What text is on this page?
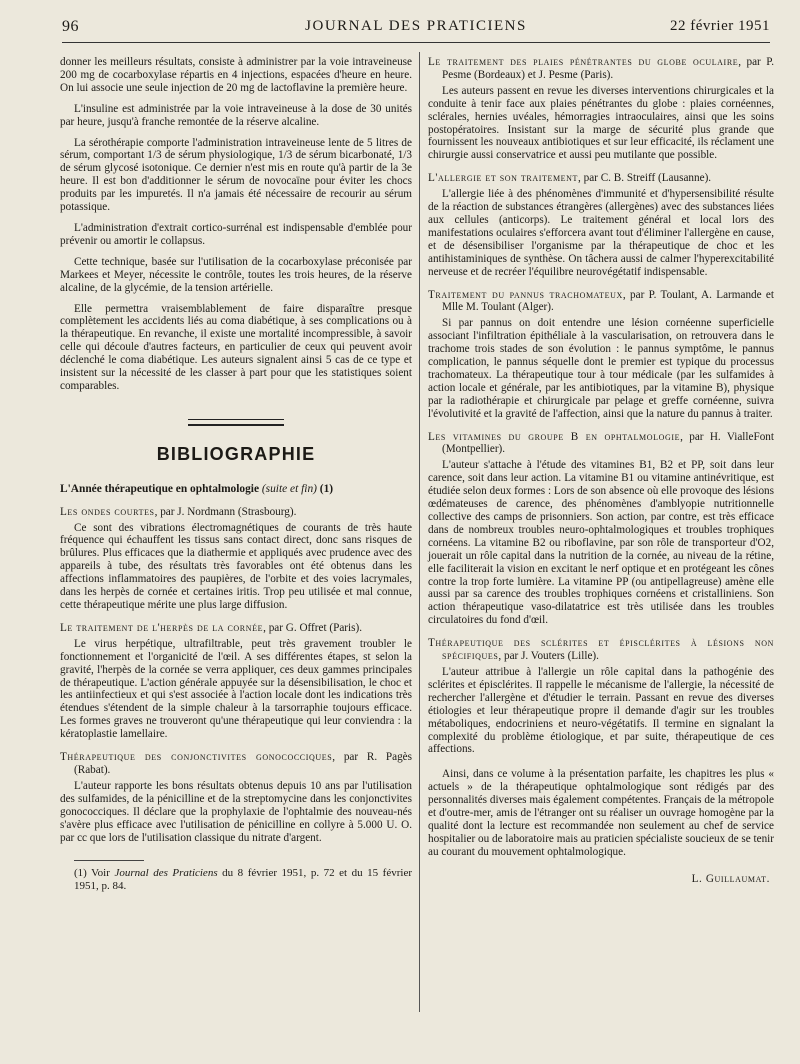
96	JOURNAL DES PRATICIENS	22 février 1951

donner les meilleurs résultats, consiste à administrer par la voie intraveineuse 200 mg de cocarboxylase répartis en 4 injections, espacées d'heure en heure. On lui associe une seule injection de 20 mg de lactoflavine la première heure.

L'insuline est administrée par la voie intraveineuse à la dose de 30 unités par heure, jusqu'à franche remontée de la réserve alcaline.

La sérothérapie comporte l'administration intraveineuse lente de 5 litres de sérum, comportant 1/3 de sérum physiologique, 1/3 de sérum bicarbonaté, 1/3 de sérum glycosé isotonique. Ce dernier n'est mis en route qu'à partir de la 3e heure. Il est bon d'additionner le sérum de novocaïne pour éviter les chocs produits par les impuretés. Il n'a jamais été nécessaire de recourir au sérum potassique.

L'administration d'extrait cortico-surrénal est indispensable d'emblée pour prévenir ou amortir le collapsus.

Cette technique, basée sur l'utilisation de la cocarboxylase préconisée par Markees et Meyer, nécessite le contrôle, toutes les trois heures, de la réserve alcaline, de la glycémie, de la tension artérielle.

Elle permettra vraisemblablement de faire disparaître presque complètement les accidents liés au coma diabétique, à ses complications ou à la thérapeutique. En revanche, il existe une mortalité incompressible, à savoir celle qui découle d'autres facteurs, en particulier de ceux qui peuvent avoir déclenché le coma diabétique. Les auteurs signalent ainsi 5 cas de ce type et insistent sur la nécessité de les classer à part pour que les statistiques soient comparables.

BIBLIOGRAPHIE

L'Année thérapeutique en ophtalmologie (suite et fin) (1)

Les ondes courtes, par J. Nordmann (Strasbourg).

Ce sont des vibrations électromagnétiques de courants de très haute fréquence qui échauffent les tissus sans contact direct, donc sans risques de brûlures. Plus efficaces que la diathermie et appliqués avec prudence avec des appareils à tube, des résultats très favorables ont été obtenus dans les affections inflammatoires des paupières, de l'orbite et des voies lacrymales, dans les herpès de cornée et certaines iritis. Trop peu utilisée et mal connue, cette thérapeutique mérite une plus large diffusion.

Le traitement de l'herpès de la cornée, par G. Offret (Paris).

Le virus herpétique, ultrafiltrable, peut très gravement troubler le fonctionnement et l'organicité de l'œil. A ses différentes étapes, st selon la gravité, l'herpès de la cornée se verra appliquer, ces deux gammes principales de thérapeutique. L'action générale appuyée sur la désensibilisation, le choc et les antiinfectieux et qui s'est associée à l'action locale dont les indications très étendues s'étendent de la simple chaleur à la tarsorraphie toujours efficace. Les formes graves ne trouveront qu'une thérapeutique qui leur conviendra : la kératoplastie lamellaire.

Thérapeutique des conjonctivites gonococciques, par R. Pagès (Rabat).

L'auteur rapporte les bons résultats obtenus depuis 10 ans par l'utilisation des sulfamides, de la pénicilline et de la streptomycine dans les conjonctivites gonococciques. Il déclare que la prophylaxie de l'ophtalmie des nouveau-nés s'avère plus efficace avec l'utilisation de pénicilline en collyre à 5.000 U. O. par cc que lors de l'utilisation classique du nitrate d'argent.

(1) Voir Journal des Praticiens du 8 février 1951, p. 72 et du 15 février 1951, p. 84.

Le traitement des plaies pénétrantes du globe oculaire, par P. Pesme (Bordeaux) et J. Pesme (Paris).

Les auteurs passent en revue les diverses interventions chirurgicales et la conduite à tenir face aux plaies pénétrantes du globe : plaies cornéennes, sclérales, hernies uvéales, hémorragies intraoculaires, ainsi que les soins postopératoires. Insistant sur la marge de sécurité plus grande que fournissent les nouveaux antibiotiques et sur leur efficacité, ils réclament une chirurgie aussi conservatrice et aussi peu mutilante que possible.

L'allergie et son traitement, par C. B. Streiff (Lausanne).

L'allergie liée à des phénomènes d'immunité et d'hypersensibilité résulte de la réaction de substances étrangères (allergènes) avec des substances liées aux cellules (anticorps). Le traitement général et local lors des manifestations oculaires s'efforcera avant tout d'éliminer l'allergène en cause, et de désensibiliser l'organisme par la thérapeutique de choc et les antihistaminiques de synthèse. On tâchera aussi de calmer l'hyperexcitabilité nerveuse et de recréer l'équilibre neurovégétatif indispensable.

Traitement du pannus trachomateux, par P. Toulant, A. Larmande et Mlle M. Toulant (Alger).

Si par pannus on doit entendre une lésion cornéenne superficielle associant l'infiltration épithéliale à la vascularisation, on retrouvera dans le trachome trois stades de son évolution : le pannus symptôme, le pannus complication, le pannus séquelle dont le premier est typique du processus trachomateux. La thérapeutique tour à tour médicale (par les sulfamides à action locale et générale, par les antibiotiques, par la vitamine B), physique par la radiothérapie et chirurgicale par pelage et greffe cornéenne, suivra l'évolutivité et la gravité de l'affection, ainsi que la nature du pannus à traiter.

Les vitamines du groupe B en ophtalmologie, par H. VialleFont (Montpellier).

L'auteur s'attache à l'étude des vitamines B1, B2 et PP, soit dans leur carence, soit dans leur action. La vitamine B1 ou vitamine antinévritique, est étudiée selon deux formes : Lors de son absence où elle provoque des lésions œdémateuses de carence, des phénomènes d'amblyopie nutritionnelle collective des camps de prisonniers. Son action, par contre, est très efficace dans de nombreux troubles neuro-ophtalmologiques et troubles trophiques cornéens. La vitamine B2 ou riboflavine, par son rôle de transporteur d'O2, jouerait un rôle capital dans la nutrition de la cornée, au niveau de la rétine, elle faciliterait la vision en excitant le nerf optique et en protégeant les cônes contre la trop forte lumière. La vitamine PP (ou antipellagreuse) amène elle aussi par sa carence des troubles trophiques cornéens et cristalliniens. Son action thérapeutique vaso-dilatatrice est très utilisée dans les troubles circulatoires du fond d'œil.

Thérapeutique des sclérites et épisclérites à lésions non spécifiques, par J. Vouters (Lille).

L'auteur attribue à l'allergie un rôle capital dans la pathogénie des sclérites et épisclérites. Il rappelle le mécanisme de l'allergie, la nécessité de rechercher l'allergène et d'étudier le terrain. Passant en revue des diverses étiologies et leur thérapeutique propre il demande d'agir sur les troubles métaboliques, endocriniens et neuro-végétatifs. Il termine en signalant la complexité du problème étiologique, et par suite, thérapeutique de ces affections.

Ainsi, dans ce volume à la présentation parfaite, les chapitres les plus « actuels » de la thérapeutique ophtalmologique sont rédigés par des personnalités diverses mais également compétentes. Français de la métropole et d'outre-mer, amis de l'étranger ont su réaliser un ouvrage homogène par la qualité dont la lecture est recommandée non seulement au chef de service hospitalier ou de laboratoire mais au praticien spécialiste soucieux de se tenir au courant du mouvement ophtalmologique.

L. Guillaumat.
